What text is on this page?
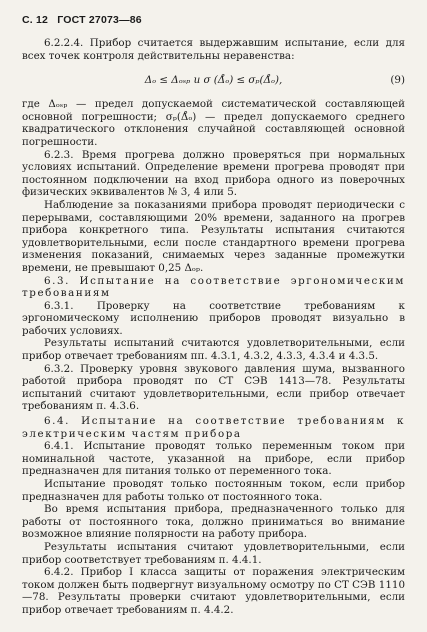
С. 12 ГОСТ 27073—86

6.2.2.4. Прибор считается выдержавшим испытание, если для всех точек контроля действительны неравенства:

Δₒ ≤ Δₒₛₚ и σ (Δ̊ₒ) ≤ σₚ(Δ̊ₒ),	(9)

где Δₒₛₚ — предел допускаемой систематической составляющей основной погрешности; σₚ(Δ̊ₒ) — предел допускаемого среднего квадратического отклонения случайной составляющей основной погрешности.

6.2.3. Время прогрева должно проверяться при нормальных условиях испытаний. Определение времени прогрева проводят при постоянном подключении на вход прибора одного из поверочных физических эквивалентов № 3, 4 или 5.

Наблюдение за показаниями прибора проводят периодически с перерывами, составляющими 20% времени, заданного на прогрев прибора конкретного типа. Результаты испытания считаются удовлетворительными, если после стандартного времени прогрева изменения показаний, снимаемых через заданные промежутки времени, не превышают 0,25 Δₒₚ.

6.3. Испытание на соответствие эргономическим требованиям

6.3.1. Проверку на соответствие требованиям к эргономическому исполнению приборов проводят визуально в рабочих условиях.

Результаты испытаний считаются удовлетворительными, если прибор отвечает требованиям пп. 4.3.1, 4.3.2, 4.3.3, 4.3.4 и 4.3.5.

6.3.2. Проверку уровня звукового давления шума, вызванного работой прибора проводят по СТ СЭВ 1413—78. Результаты испытаний считают удовлетворительными, если прибор отвечает требованиям п. 4.3.6.

6.4. Испытание на соответствие требованиям к электрическим частям прибора

6.4.1. Испытание проводят только переменным током при номинальной частоте, указанной на приборе, если прибор предназначен для питания только от переменного тока.

Испытание проводят только постоянным током, если прибор предназначен для работы только от постоянного тока.

Во время испытания прибора, предназначенного только для работы от постоянного тока, должно приниматься во внимание возможное влияние полярности на работу прибора.

Результаты испытания считают удовлетворительными, если прибор соответствует требованиям п. 4.4.1.

6.4.2. Прибор I класса защиты от поражения электрическим током должен быть подвергнут визуальному осмотру по СТ СЭВ 1110—78. Результаты проверки считают удовлетворительными, если прибор отвечает требованиям п. 4.4.2.
